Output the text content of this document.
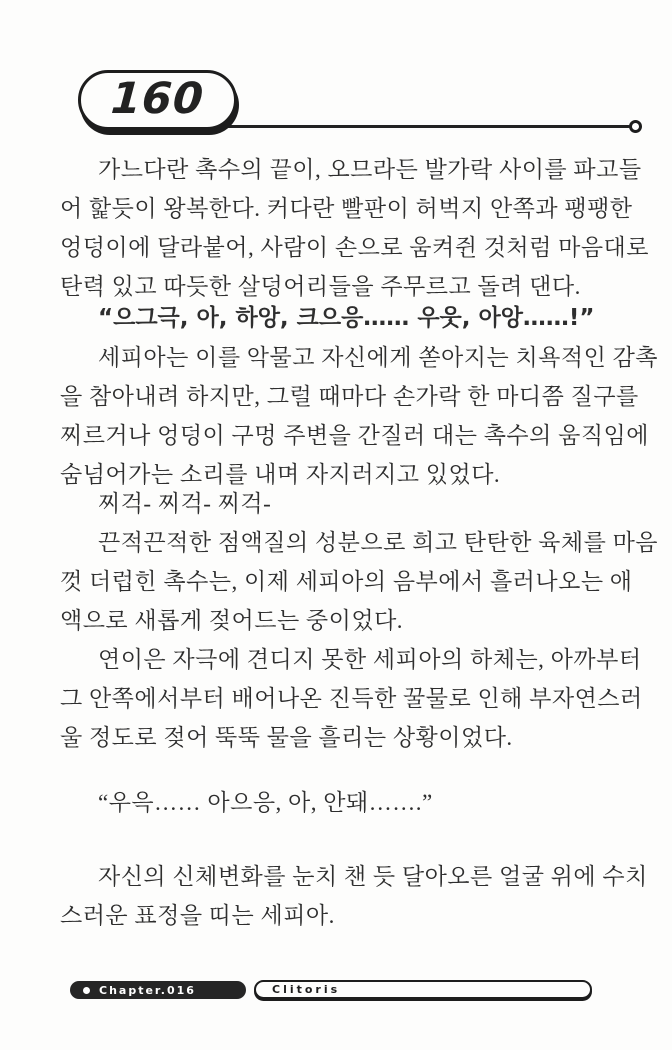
160
가느다란 촉수의 끝이, 오므라든 발가락 사이를 파고들
어 핥듯이 왕복한다. 커다란 빨판이 허벅지 안쪽과 팽팽한
엉덩이에 달라붙어, 사람이 손으로 움켜쥔 것처럼 마음대로
탄력 있고 따듯한 살덩어리들을 주무르고 돌려 댄다.
“으그극, 아, 하앙, 크으응…… 우웃, 아앙……!”
세피아는 이를 악물고 자신에게 쏟아지는 치욕적인 감촉
을 참아내려 하지만, 그럴 때마다 손가락 한 마디쯤 질구를
찌르거나 엉덩이 구멍 주변을 간질러 대는 촉수의 움직임에
숨넘어가는 소리를 내며 자지러지고 있었다.
찌걱- 찌걱- 찌걱-
끈적끈적한 점액질의 성분으로 희고 탄탄한 육체를 마음
껏 더럽힌 촉수는, 이제 세피아의 음부에서 흘러나오는 애
액으로 새롭게 젖어드는 중이었다.
연이은 자극에 견디지 못한 세피아의 하체는, 아까부터
그 안쪽에서부터 배어나온 진득한 꿀물로 인해 부자연스러
울 정도로 젖어 뚝뚝 물을 흘리는 상황이었다.
“우윽…… 아으응, 아, 안돼…….”
자신의 신체변화를 눈치 챈 듯 달아오른 얼굴 위에 수치
스러운 표정을 띠는 세피아.
Chapter.016	Clitoris
